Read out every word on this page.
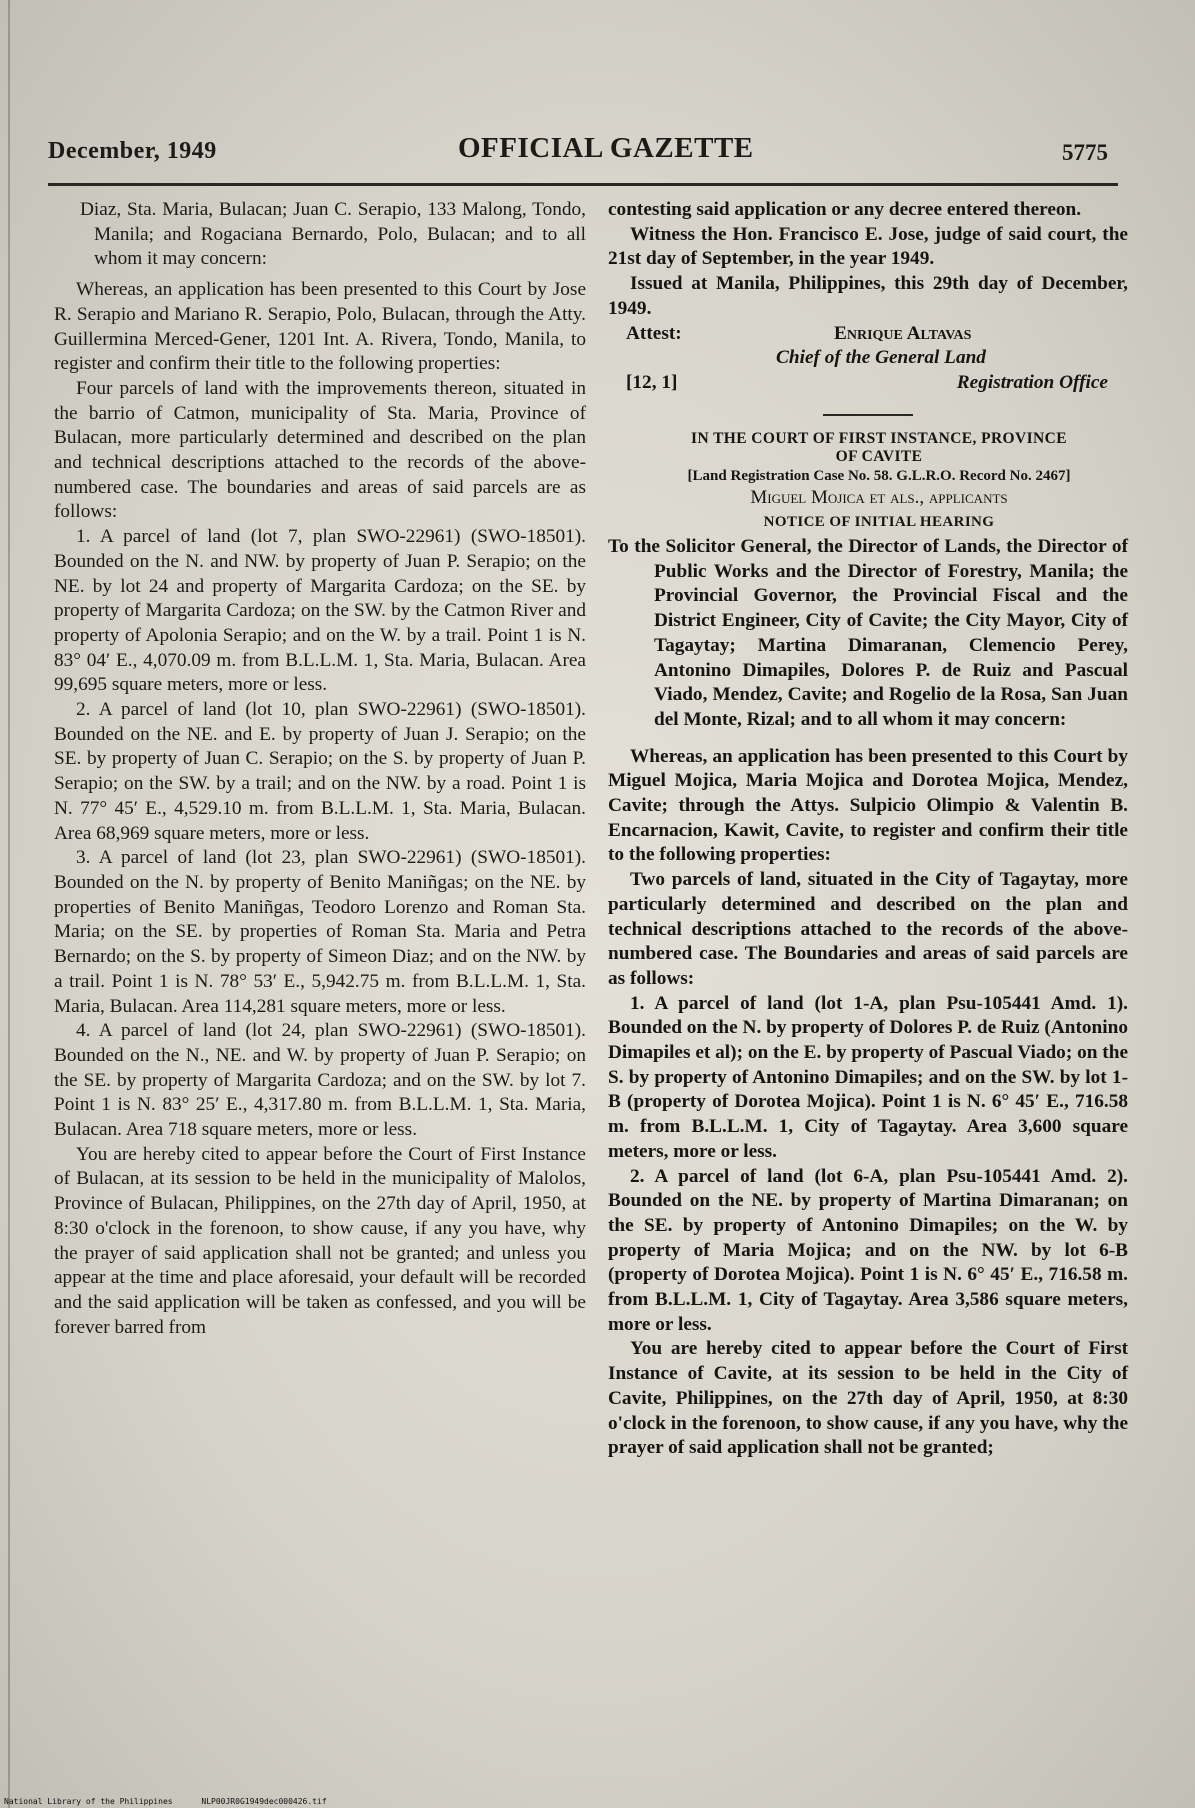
December, 1949	OFFICIAL GAZETTE	5775

Diaz, Sta. Maria, Bulacan; Juan C. Serapio, 133 Malong, Tondo, Manila; and Rogaciana Bernardo, Polo, Bulacan; and to all whom it may concern:

Whereas, an application has been presented to this Court by Jose R. Serapio and Mariano R. Serapio, Polo, Bulacan, through the Atty. Guillermina Merced-Gener, 1201 Int. A. Rivera, Tondo, Manila, to register and confirm their title to the following properties:

Four parcels of land with the improvements thereon, situated in the barrio of Catmon, municipality of Sta. Maria, Province of Bulacan, more particularly determined and described on the plan and technical descriptions attached to the records of the above-numbered case. The boundaries and areas of said parcels are as follows:

1. A parcel of land (lot 7, plan SWO-22961) (SWO-18501). Bounded on the N. and NW. by property of Juan P. Serapio; on the NE. by lot 24 and property of Margarita Cardoza; on the SE. by property of Margarita Cardoza; on the SW. by the Catmon River and property of Apolonia Serapio; and on the W. by a trail. Point 1 is N. 83° 04′ E., 4,070.09 m. from B.L.L.M. 1, Sta. Maria, Bulacan. Area 99,695 square meters, more or less.

2. A parcel of land (lot 10, plan SWO-22961) (SWO-18501). Bounded on the NE. and E. by property of Juan J. Serapio; on the SE. by property of Juan C. Serapio; on the S. by property of Juan P. Serapio; on the SW. by a trail; and on the NW. by a road. Point 1 is N. 77° 45′ E., 4,529.10 m. from B.L.L.M. 1, Sta. Maria, Bulacan. Area 68,969 square meters, more or less.

3. A parcel of land (lot 23, plan SWO-22961) (SWO-18501). Bounded on the N. by property of Benito Maniñgas; on the NE. by properties of Benito Maniñgas, Teodoro Lorenzo and Roman Sta. Maria; on the SE. by properties of Roman Sta. Maria and Petra Bernardo; on the S. by property of Simeon Diaz; and on the NW. by a trail. Point 1 is N. 78° 53′ E., 5,942.75 m. from B.L.L.M. 1, Sta. Maria, Bulacan. Area 114,281 square meters, more or less.

4. A parcel of land (lot 24, plan SWO-22961) (SWO-18501). Bounded on the N., NE. and W. by property of Juan P. Serapio; on the SE. by property of Margarita Cardoza; and on the SW. by lot 7. Point 1 is N. 83° 25′ E., 4,317.80 m. from B.L.L.M. 1, Sta. Maria, Bulacan. Area 718 square meters, more or less.

You are hereby cited to appear before the Court of First Instance of Bulacan, at its session to be held in the municipality of Malolos, Province of Bulacan, Philippines, on the 27th day of April, 1950, at 8:30 o'clock in the forenoon, to show cause, if any you have, why the prayer of said application shall not be granted; and unless you appear at the time and place aforesaid, your default will be recorded and the said application will be taken as confessed, and you will be forever barred from

contesting said application or any decree entered thereon.

Witness the Hon. Francisco E. Jose, judge of said court, the 21st day of September, in the year 1949.

Issued at Manila, Philippines, this 29th day of December, 1949.

Attest:	Enrique Altavas
Chief of the General Land
[12, 1]	Registration Office

IN THE COURT OF FIRST INSTANCE, PROVINCE

OF CAVITE

[Land Registration Case No. 58. G.L.R.O. Record No. 2467]

Miguel Mojica et als., applicants

NOTICE OF INITIAL HEARING

To the Solicitor General, the Director of Lands, the Director of Public Works and the Director of Forestry, Manila; the Provincial Governor, the Provincial Fiscal and the District Engineer, City of Cavite; the City Mayor, City of Tagaytay; Martina Dimaranan, Clemencio Perey, Antonino Dimapiles, Dolores P. de Ruiz and Pascual Viado, Mendez, Cavite; and Rogelio de la Rosa, San Juan del Monte, Rizal; and to all whom it may concern:

Whereas, an application has been presented to this Court by Miguel Mojica, Maria Mojica and Dorotea Mojica, Mendez, Cavite; through the Attys. Sulpicio Olimpio & Valentin B. Encarnacion, Kawit, Cavite, to register and confirm their title to the following properties:

Two parcels of land, situated in the City of Tagaytay, more particularly determined and described on the plan and technical descriptions attached to the records of the above-numbered case. The Boundaries and areas of said parcels are as follows:

1. A parcel of land (lot 1-A, plan Psu-105441 Amd. 1). Bounded on the N. by property of Dolores P. de Ruiz (Antonino Dimapiles et al); on the E. by property of Pascual Viado; on the S. by property of Antonino Dimapiles; and on the SW. by lot 1-B (property of Dorotea Mojica). Point 1 is N. 6° 45′ E., 716.58 m. from B.L.L.M. 1, City of Tagaytay. Area 3,600 square meters, more or less.

2. A parcel of land (lot 6-A, plan Psu-105441 Amd. 2). Bounded on the NE. by property of Martina Dimaranan; on the SE. by property of Antonino Dimapiles; on the W. by property of Maria Mojica; and on the NW. by lot 6-B (property of Dorotea Mojica). Point 1 is N. 6° 45′ E., 716.58 m. from B.L.L.M. 1, City of Tagaytay. Area 3,586 square meters, more or less.

You are hereby cited to appear before the Court of First Instance of Cavite, at its session to be held in the City of Cavite, Philippines, on the 27th day of April, 1950, at 8:30 o'clock in the forenoon, to show cause, if any you have, why the prayer of said application shall not be granted;

National Library of the Philippines	NLP00JR0G1949dec000426.tif
